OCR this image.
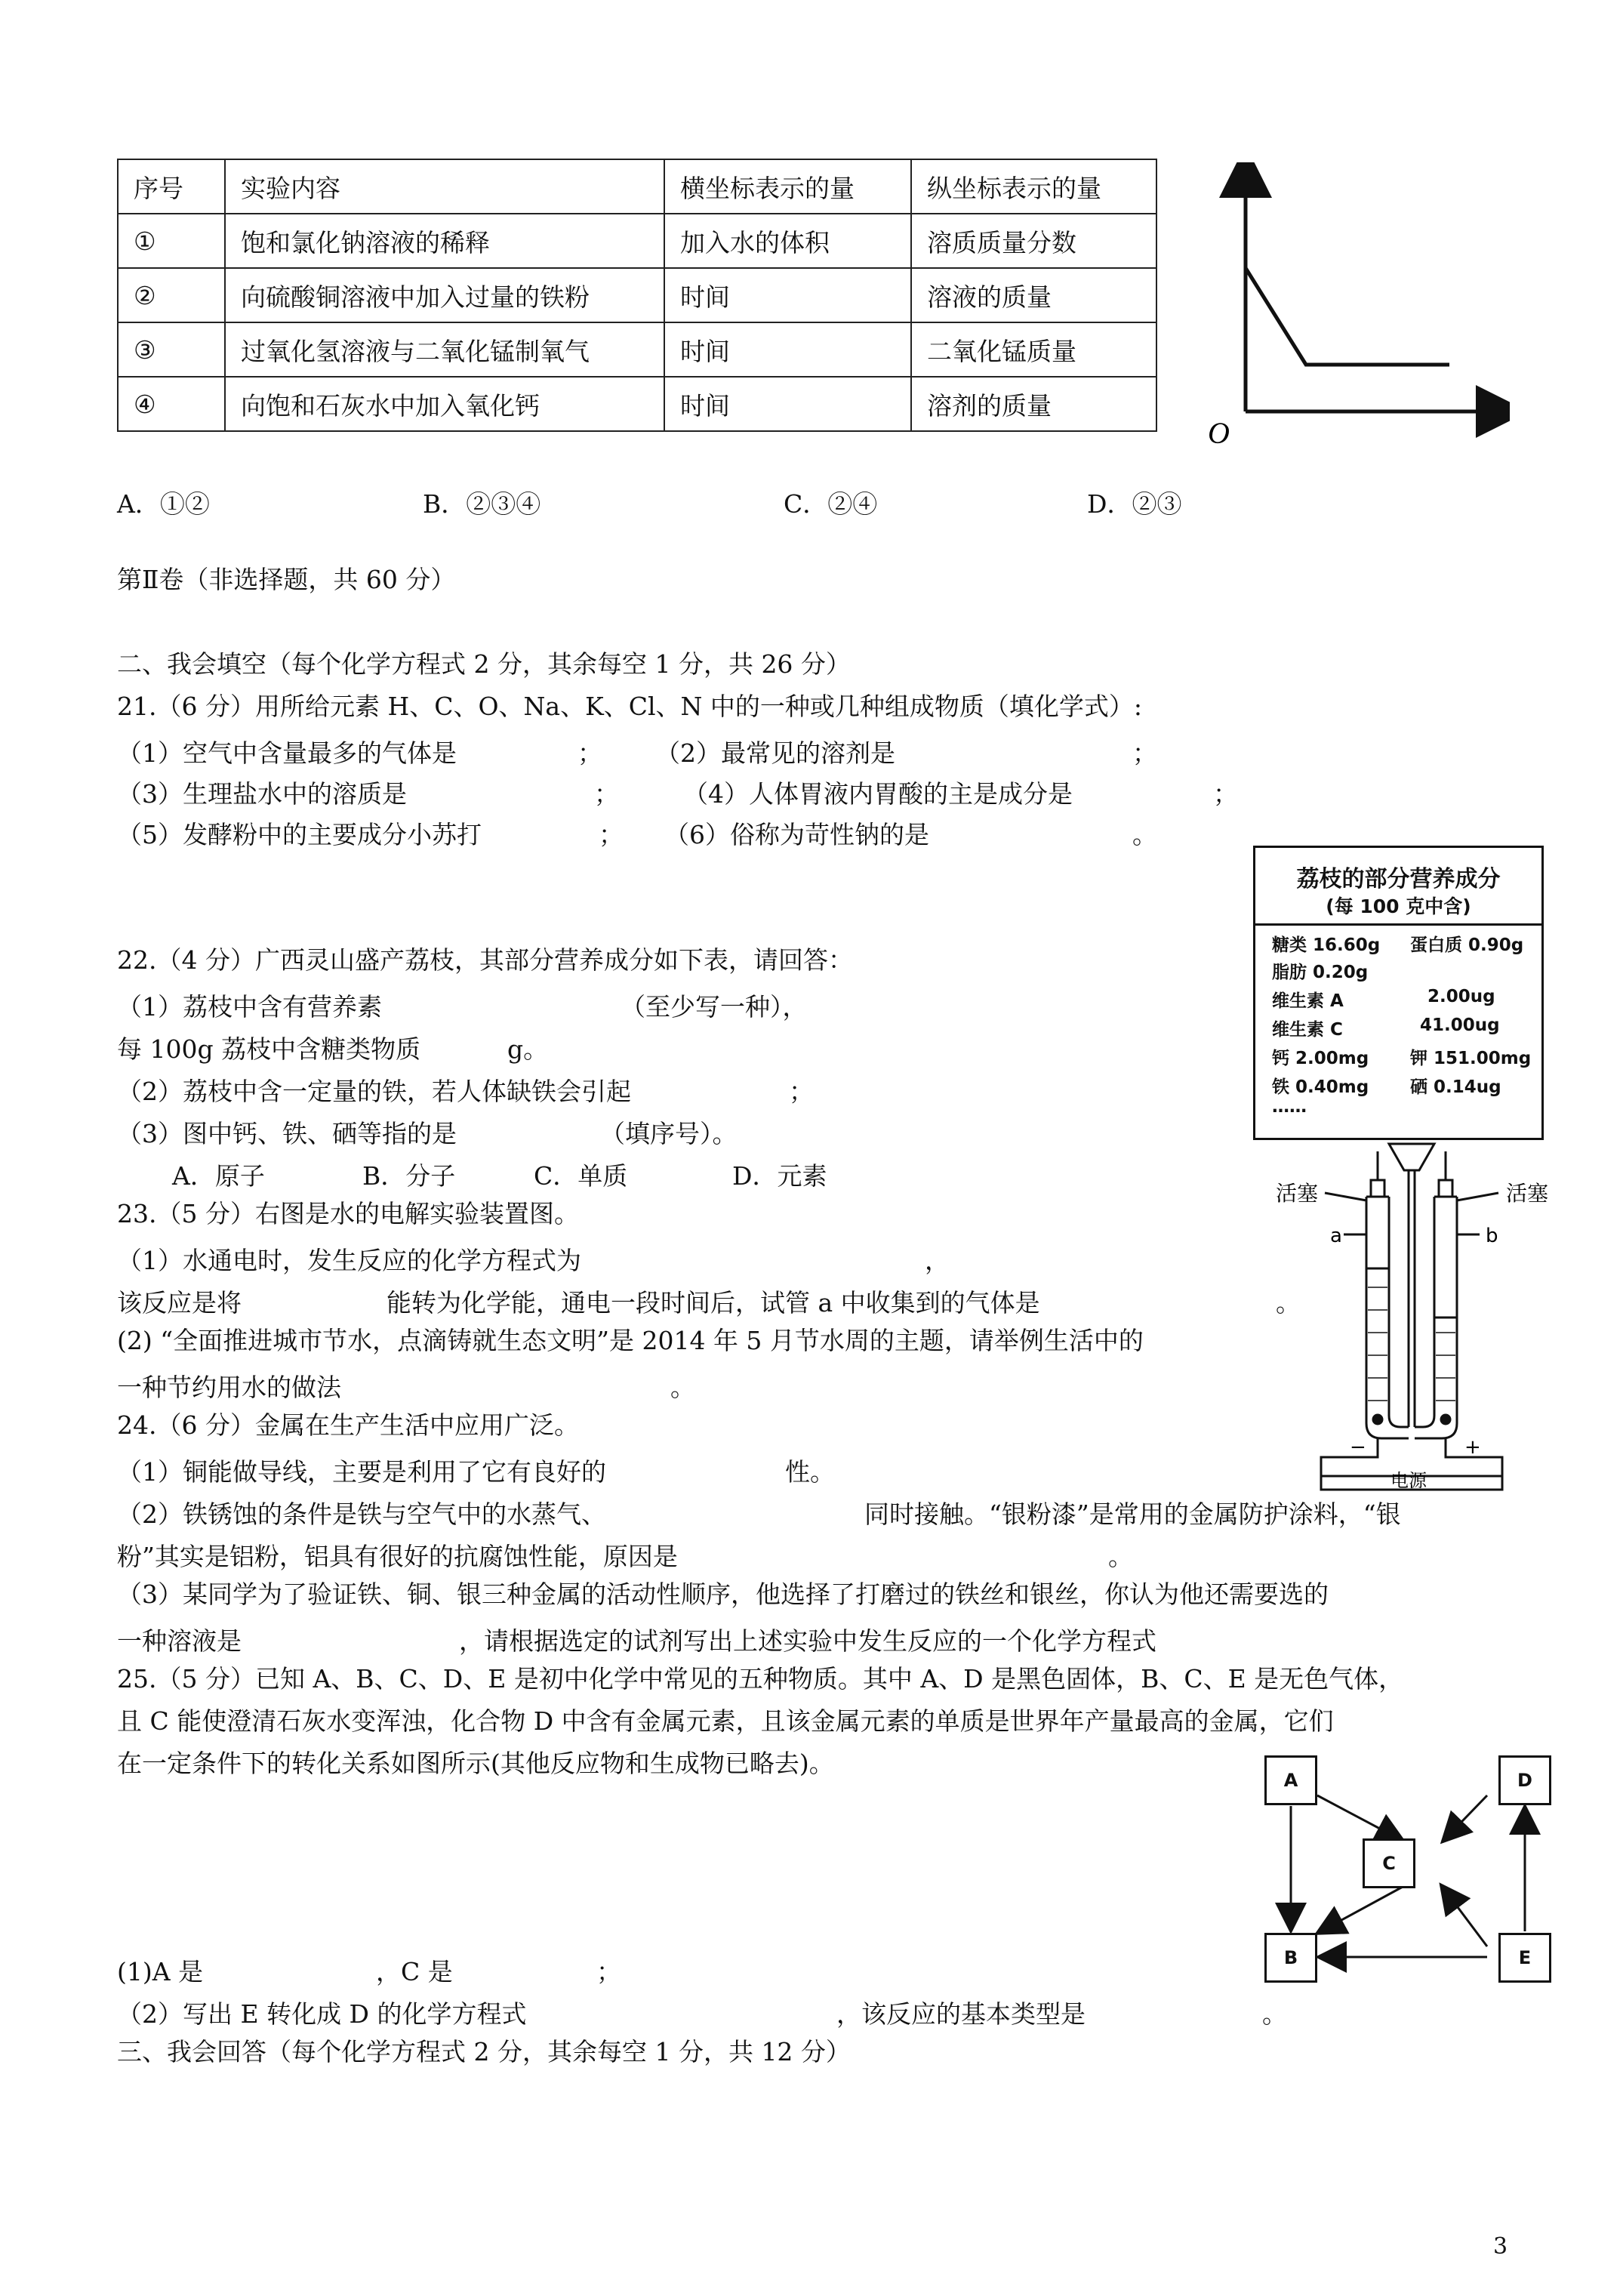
序号	实验内容	横坐标表示的量	纵坐标表示的量
①	饱和氯化钠溶液的稀释	加入水的体积	溶质质量分数
②	向硫酸铜溶液中加入过量的铁粉	时间	溶液的质量
③	过氧化氢溶液与二氧化锰制氧气	时间	二氧化锰质量
④	向饱和石灰水中加入氧化钙	时间	溶剂的质量
O
A．①②	B．②③④	C．②④	D．②③
第Ⅱ卷（非选择题，共 60 分）
二、我会填空（每个化学方程式 2 分，其余每空 1 分，共 26 分）
21.（6 分）用所给元素 H、C、O、Na、K、Cl、N 中的一种或几种组成物质（填化学式）:
（1）空气中含量最多的气体是	； （2）最常见的溶剂是	；
（3）生理盐水中的溶质是	；	（4）人体胃液内胃酸的主是成分是	；
（5）发酵粉中的主要成分小苏打	； （6）俗称为苛性钠的是	。
荔枝的部分营养成分
(每 100 克中含)
糖类 16.60g 蛋白质 0.90g
脂肪 0.20g
维生素 A	2.00ug
维生素 C	41.00ug
钙 2.00mg 钾 151.00mg
铁 0.40mg 硒 0.14ug
……
22.（4 分）广西灵山盛产荔枝，其部分营养成分如下表，请回答：
（1）荔枝中含有营养素	（至少写一种），
每 100g 荔枝中含糖类物质	g。
（2）荔枝中含一定量的铁，若人体缺铁会引起	；
（3）图中钙、铁、硒等指的是	（填序号）。
A．原子	B．分子	C．单质	D．元素
23.（5 分）右图是水的电解实验装置图。
（1）水通电时，发生反应的化学方程式为	，
该反应是将	能转为化学能，通电一段时间后，试管 a 中收集到的气体是	。
(2) “全面推进城市节水，点滴铸就生态文明”是 2014 年 5 月节水周的主题，请举例生活中的
一种节约用水的做法	。
活塞	活塞
a	b
−	+
电源
24.（6 分）金属在生产生活中应用广泛。
（1）铜能做导线，主要是利用了它有良好的	性。
（2）铁锈蚀的条件是铁与空气中的水蒸气、	同时接触。“银粉漆”是常用的金属防护涂料，“银
粉”其实是铝粉，铝具有很好的抗腐蚀性能，原因是	。
（3）某同学为了验证铁、铜、银三种金属的活动性顺序，他选择了打磨过的铁丝和银丝，你认为他还需要选的
一种溶液是	，请根据选定的试剂写出上述实验中发生反应的一个化学方程式
25.（5 分）已知 A、B、C、D、E 是初中化学中常见的五种物质。其中 A、D 是黑色固体，B、C、E 是无色气体，
且 C 能使澄清石灰水变浑浊，化合物 D 中含有金属元素，且该金属元素的单质是世界年产量最高的金属，它们
在一定条件下的转化关系如图所示(其他反应物和生成物已略去)。
A
B
C
D
E
(1)A 是	，C 是	；
（2）写出 E 转化成 D 的化学方程式	，该反应的基本类型是	。
三、我会回答（每个化学方程式 2 分，其余每空 1 分，共 12 分）
3
